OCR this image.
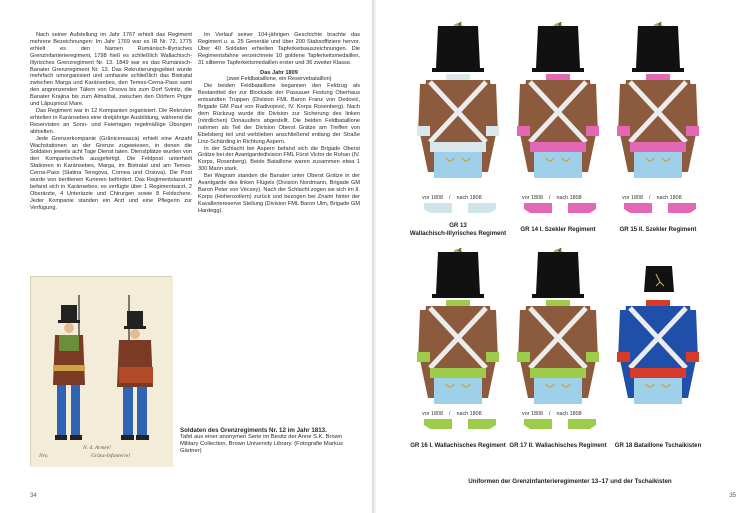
Nach seiner Aufstellung im Jahr 1767 erhielt das Regiment mehrere Bezeichnungen: Im Jahr 1769 war es IR Nr. 72, 1775 erhielt es den Namen Rumänisch-Illyrisches Grenzinfanterieregiment, 1798 hieß es schließlich Wallachisch-Illyrisches Grenzregiment Nr. 13. 1849 war es das Rumänisch-Banater Grenzregiment Nr. 13. Das Rekrutierungsgebiet wurde mehrfach umorganisiert und umfasste schließlich das Bistratal zwischen Marga und Karánsebes, den Temes-Cerna-Pass samt den angrenzenden Tälern von Orsova bis zum Dorf Svinitz, die Banater Krajina bis zum Almaštal, zwischen den Dörfern Prigor und Lăpuşnicul Mare.

Das Regiment war in 12 Kompanien organisiert. Die Rekruten erhielten in Karánsebes eine dreijährige Ausbildung, während die Reservisten an Sonn- und Feiertagen regelmäßige Übungen abhielten.

Jede Grenzerkompanie (Grânicereasca) erhielt eine Anzahl Wachstationen an der Grenze zugewiesen, in denen die Soldaten jeweils acht Tage Dienst taten. Dienstplätze wurden von den Kompaniechefs ausgefertigt. Die Feldpost unterhielt Stationen in Karánsebes, Marga, im Bistratal und am Temes-Cerna-Pass (Slatina Teregova, Cornea und Orsova). Die Post wurde von berittenen Kurieren befördert. Das Regimentslazarett befand sich in Karánsebes; es verfügte über 1 Regimentsarzt, 2 Oberärzte, 4 Unterärzte und Chirurgen sowie 8 Feldschere. Jeder Kompanie standen ein Arzt und eine Pflegerin zur Verfügung.

Im Verlauf seiner 104-jährigen Geschichte brachte das Regiment u. a. 25 Generäle und über 200 Stabsoffiziere hervor. Über 40 Soldaten erhielten Tapferkeitsauszeichnungen. Die Regimentsfahne verzeichnete 10 goldene Tapferkeitsmedaillen, 31 silberne Tapferkeitsmedaillen erster und 36 zweiter Klasse.

Das Jahr 1809

(zwei Feldbataillone, ein Reservebataillon)

Die beiden Feldbataillone begannen den Feldzug als Bestandteil der zur Blockade der Passauer Festung Oberhaus entsandten Truppen (Division FML Baron Franz von Dedović, Brigade GM Paul von Radivojević, IV. Korps Rosenberg). Nach dem Rückzug wurde die Division zur Sicherung des linken (nördlichen) Donauufers abgestellt. Die beiden Feldbataillone nahmen als Teil der Division Oberst Grätze am Treffen von Ebelsberg teil und verblieben anschließend entlang der Straße Linz-Schärding in Richtung Aspern.

In der Schlacht bei Aspern befand sich die Brigade Oberst Grätze bei der Avantgardedivision FML Fürst Victor de Rohan (IV. Korps, Rosenberg). Beide Bataillone waren zusammen etwa 1 300 Mann stark.

Bei Wagram standen die Banater unter Oberst Grätze in der Avantgarde des linken Flügels (Division Nordmann, Brigade GM Baron Peter von Vécsey). Nach der Schlacht zogen sie sich im II. Korps (Hohenzollern) zurück und bezogen bei Znaim hinter der Kavalleriereserve Stellung (Division FML Baron Ulm, Brigade GM Hardegg).

N. 4. Armée!
Gränz-Infanterie!
Nro.
Soldaten des Grenzregiments Nr. 12 im Jahr 1813.
Tafel aus einer anonymen Serie im Besitz der Anne S.K. Brown Military Collection, Brown University Library. (Fotografie Markus Gärtner)
34
vor 1808 / nach 1808
GR 13
Wallachisch-Illyrisches Regiment
vor 1808 / nach 1808
GR 14 I. Szekler Regiment
vor 1808 / nach 1808
GR 15 II. Szekler Regiment
vor 1808 / nach 1808
GR 16 I. Wallachisches Regiment
vor 1808 / nach 1808
GR 17 II. Wallachisches Regiment	GR 18 Bataillone Tschaikisten
Uniformen der Grenzinfanterieregimenter 13–17 und der Tschaikisten
35
